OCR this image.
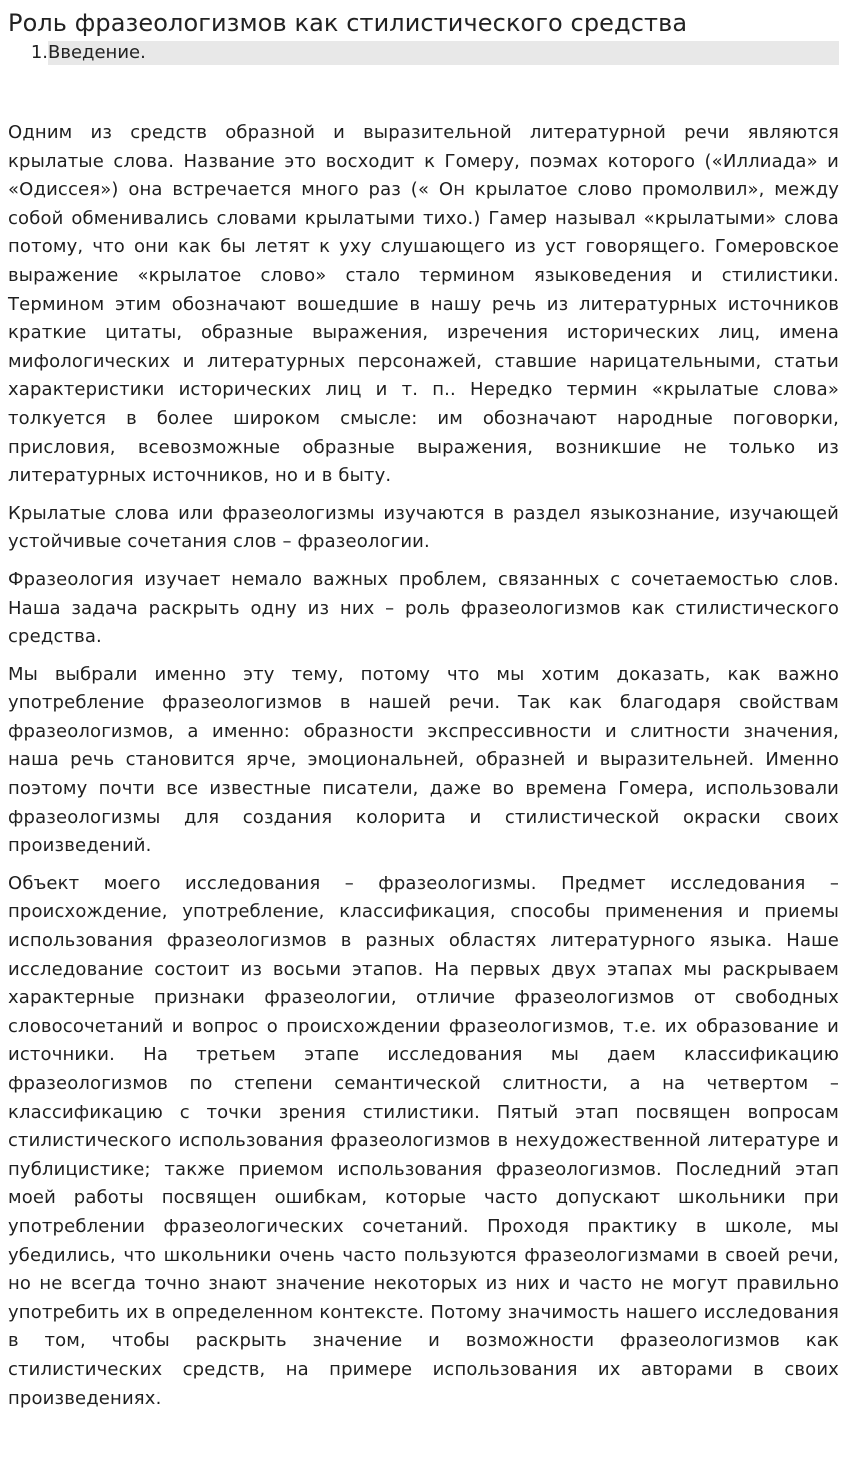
Роль фразеологизмов как стилистического средства
1. Введение.

Одним из средств образной и выразительной литературной речи являются крылатые слова. Название это восходит к Гомеру, поэмах которого («Иллиада» и «Одиссея») она встречается много раз (« Он крылатое слово промолвил», между собой обменивались словами крылатыми тихо.) Гамер называл «крылатыми» слова потому, что они как бы летят к уху слушающего из уст говорящего. Гомеровское выражение «крылатое слово» стало термином языковедения и стилистики. Термином этим обозначают вошедшие в нашу речь из литературных источников краткие цитаты, образные выражения, изречения исторических лиц, имена мифологических и литературных персонажей, ставшие нарицательными, статьи характеристики исторических лиц и т. п.. Нередко термин «крылатые слова» толкуется в более широком смысле: им обозначают народные поговорки, присловия, всевозможные образные выражения, возникшие не только из литературных источников, но и в быту.

Крылатые слова или фразеологизмы изучаются в раздел языкознание, изучающей устойчивые сочетания слов – фразеологии.

Фразеология изучает немало важных проблем, связанных с сочетаемостью слов. Наша задача раскрыть одну из них – роль фразеологизмов как стилистического средства.

Мы выбрали именно эту тему, потому что мы хотим доказать, как важно употребление фразеологизмов в нашей речи. Так как благодаря свойствам фразеологизмов, а именно: образности экспрессивности и слитности значения, наша речь становится ярче, эмоциональней, образней и выразительней. Именно поэтому почти все известные писатели, даже во времена Гомера, использовали фразеологизмы для создания колорита и стилистической окраски своих произведений.

Объект моего исследования – фразеологизмы. Предмет исследования – происхождение, употребление, классификация, способы применения и приемы использования фразеологизмов в разных областях литературного языка. Наше исследование состоит из восьми этапов. На первых двух этапах мы раскрываем характерные признаки фразеологии, отличие фразеологизмов от свободных словосочетаний и вопрос о происхождении фразеологизмов, т.е. их образование и источники. На третьем этапе исследования мы даем классификацию фразеологизмов по степени семантической слитности, а на четвертом – классификацию с точки зрения стилистики. Пятый этап посвящен вопросам стилистического использования фразеологизмов в нехудожественной литературе и публицистике; также приемом использования фразеологизмов. Последний этап моей работы посвящен ошибкам, которые часто допускают школьники при употреблении фразеологических сочетаний. Проходя практику в школе, мы убедились, что школьники очень часто пользуются фразеологизмами в своей речи, но не всегда точно знают значение некоторых из них и часто не могут правильно употребить их в определенном контексте. Потому значимость нашего исследования в том, чтобы раскрыть значение и возможности фразеологизмов как стилистических средств, на примере использования их авторами в своих произведениях.
